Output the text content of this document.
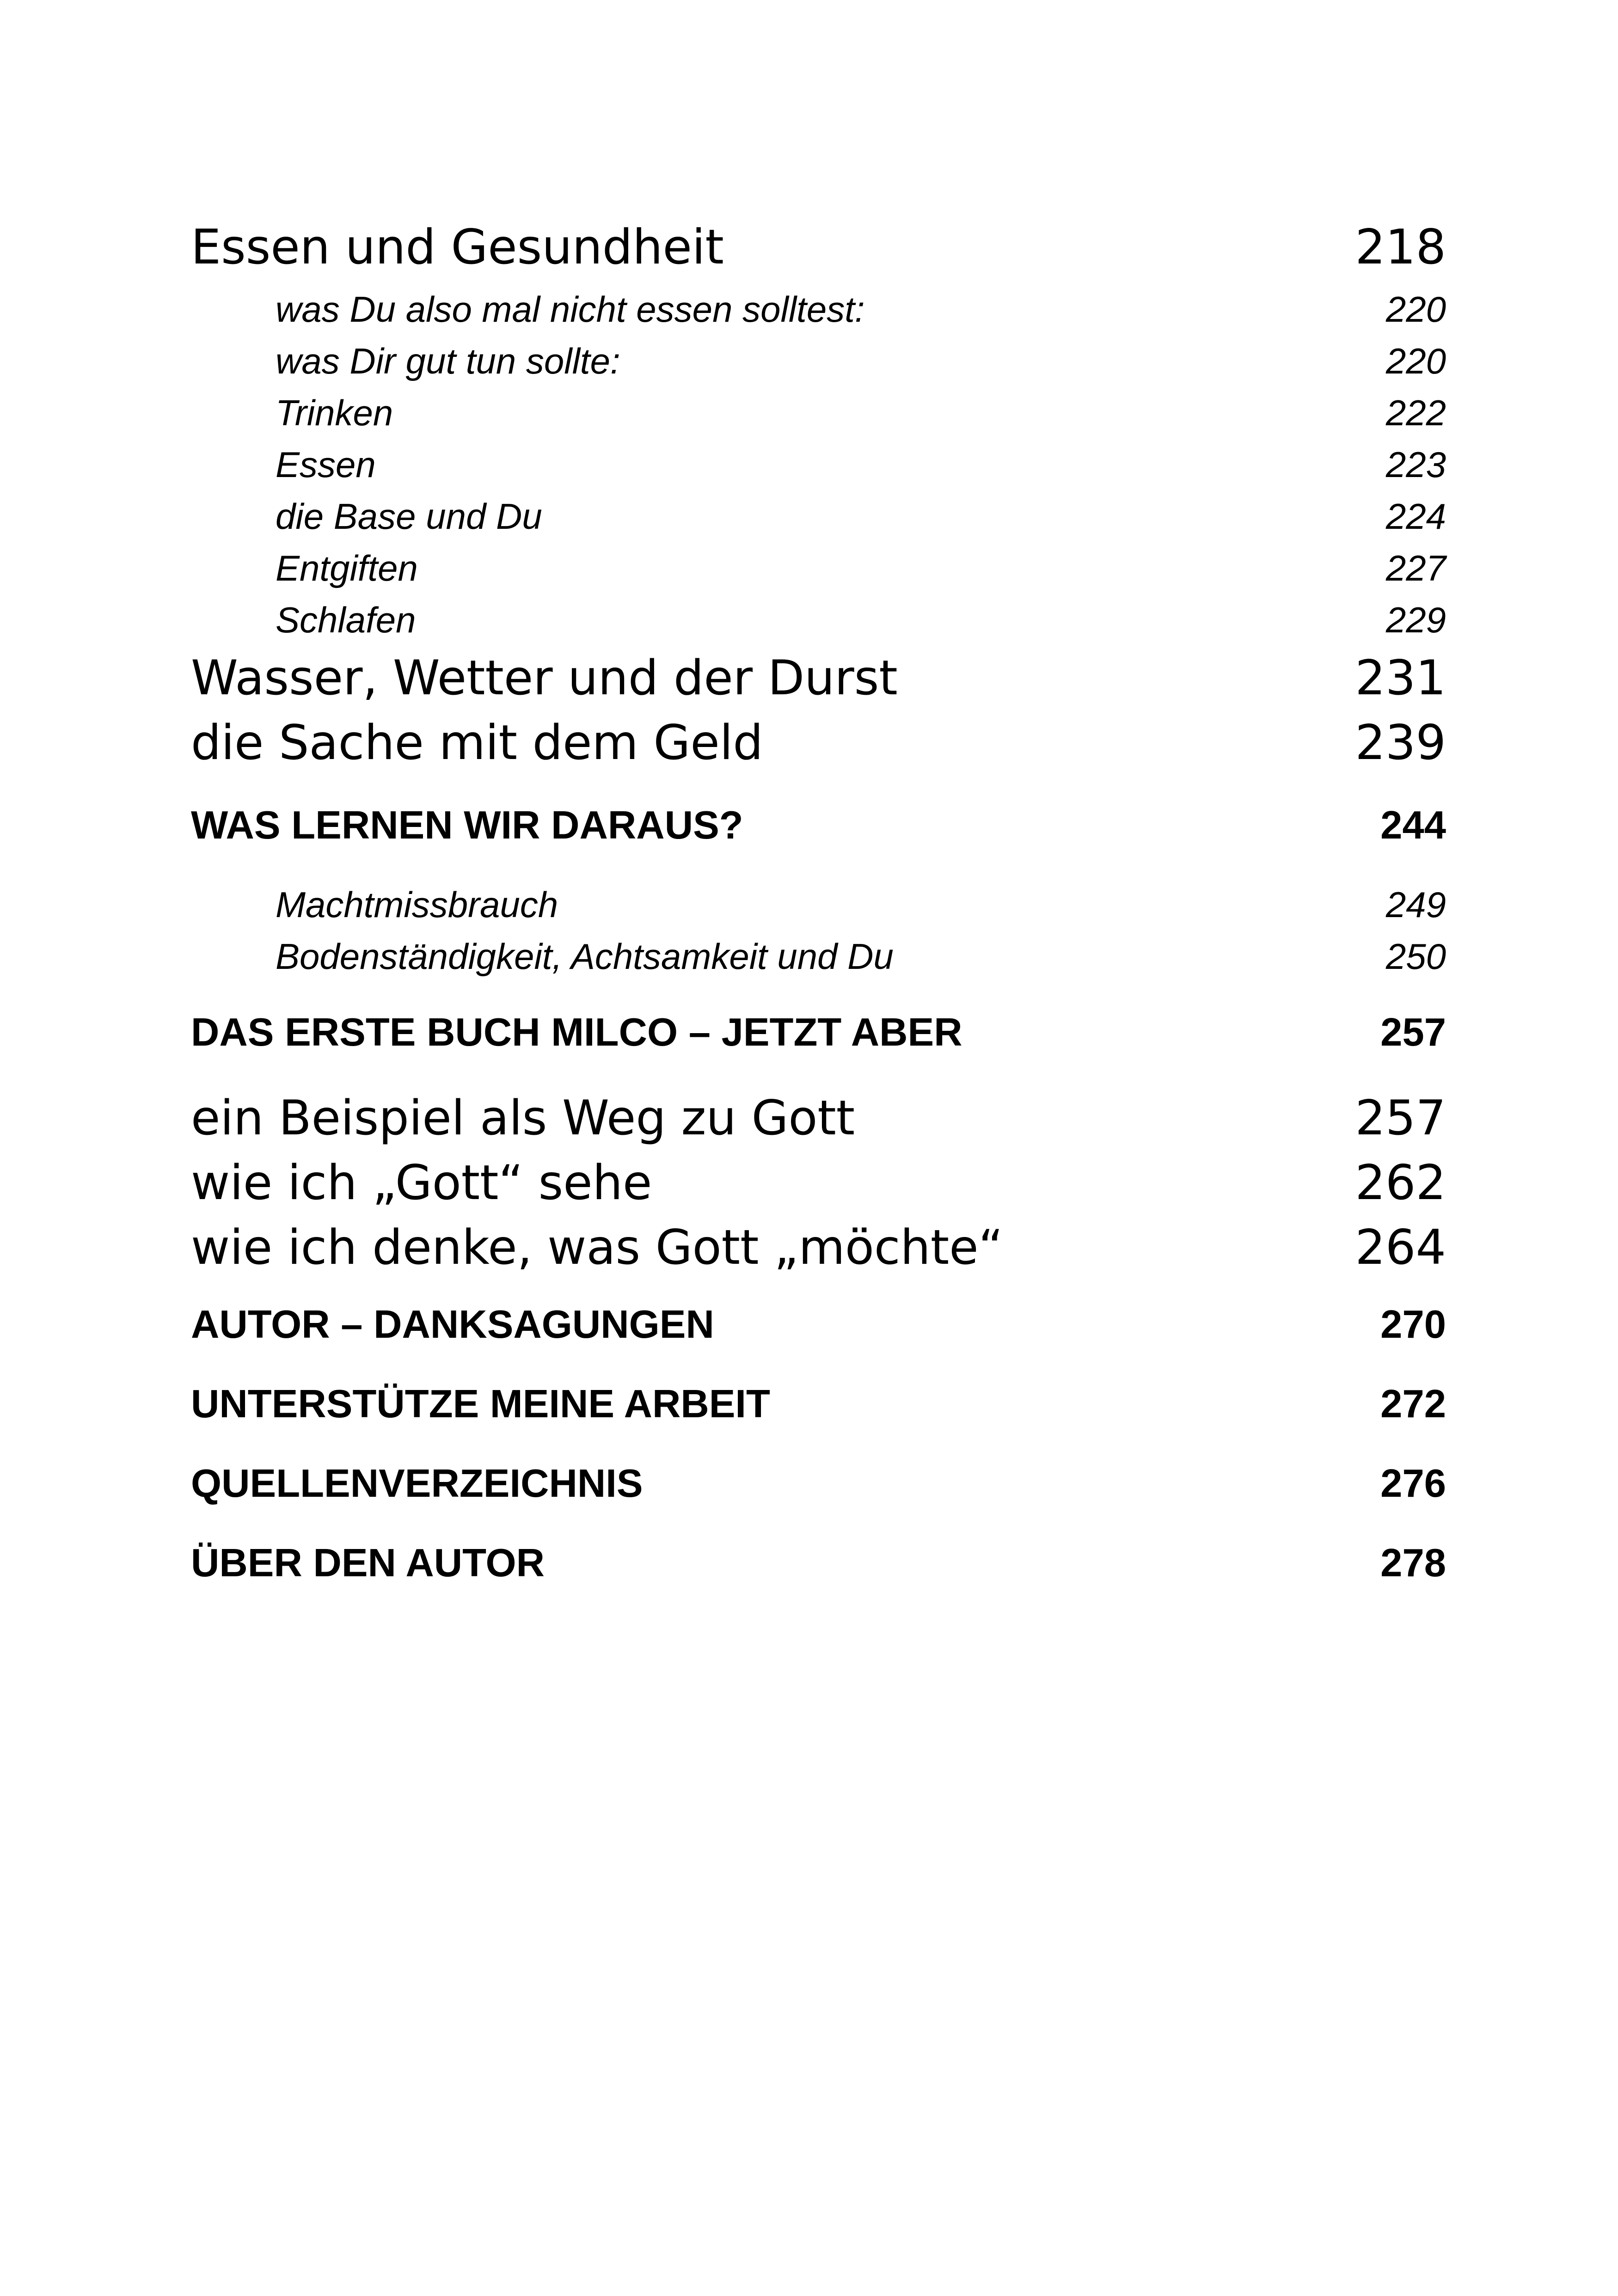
Essen und Gesundheit	218
was Du also mal nicht essen solltest:	220
was Dir gut tun sollte:	220
Trinken	222
Essen	223
die Base und Du	224
Entgiften	227
Schlafen	229
Wasser, Wetter und der Durst	231
die Sache mit dem Geld	239
WAS LERNEN WIR DARAUS?	244
Machtmissbrauch	249
Bodenständigkeit, Achtsamkeit und Du	250
DAS ERSTE BUCH MILCO – JETZT ABER	257
ein Beispiel als Weg zu Gott	257
wie ich „Gott“ sehe	262
wie ich denke, was Gott „möchte“	264
AUTOR – DANKSAGUNGEN	270
UNTERSTÜTZE MEINE ARBEIT	272
QUELLENVERZEICHNIS	276
ÜBER DEN AUTOR	278
